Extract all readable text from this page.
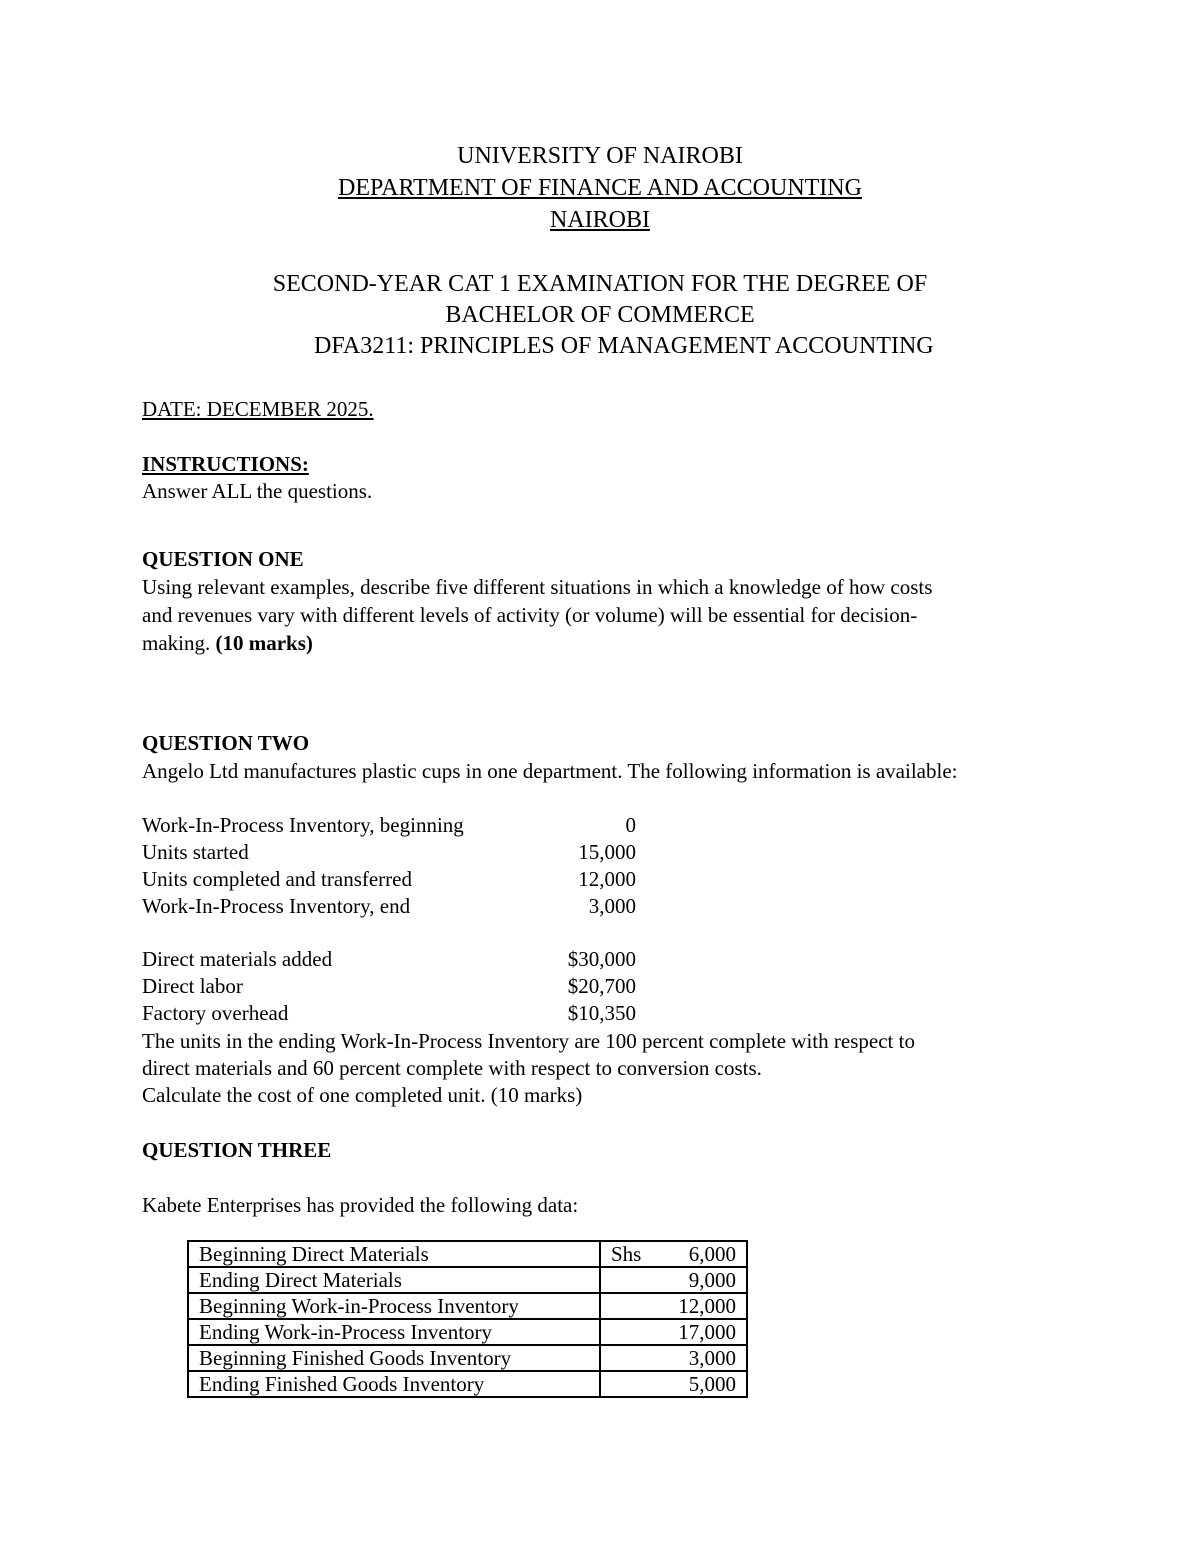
UNIVERSITY OF NAIROBI
DEPARTMENT OF FINANCE AND ACCOUNTING
NAIROBI
SECOND-YEAR CAT 1 EXAMINATION FOR THE DEGREE OF
BACHELOR OF COMMERCE
DFA3211: PRINCIPLES OF MANAGEMENT ACCOUNTING
DATE: DECEMBER 2025.
INSTRUCTIONS:
Answer ALL the questions.
QUESTION ONE
Using relevant examples, describe five different situations in which a knowledge of how costs
and revenues vary with different levels of activity (or volume) will be essential for decision-
making. (10 marks)
QUESTION TWO
Angelo Ltd manufactures plastic cups in one department. The following information is available:
Work-In-Process Inventory, beginning	0
Units started	15,000
Units completed and transferred	12,000
Work-In-Process Inventory, end	3,000
Direct materials added	$30,000
Direct labor	$20,700
Factory overhead	$10,350
The units in the ending Work-In-Process Inventory are 100 percent complete with respect to
direct materials and 60 percent complete with respect to conversion costs.
Calculate the cost of one completed unit. (10 marks)
QUESTION THREE
Kabete Enterprises has provided the following data:
Beginning Direct Materials	Shs 6,000
Ending Direct Materials	9,000
Beginning Work-in-Process Inventory	12,000
Ending Work-in-Process Inventory	17,000
Beginning Finished Goods Inventory	3,000
Ending Finished Goods Inventory	5,000
